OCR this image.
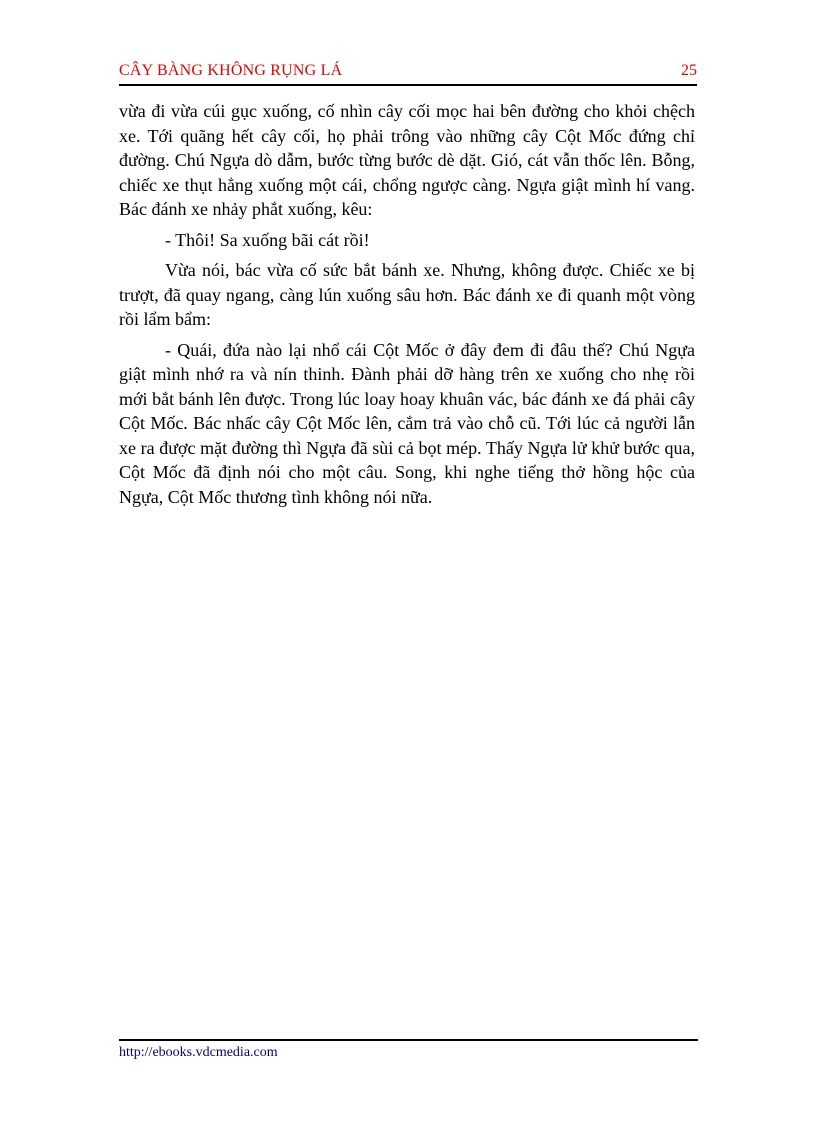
CÂY BÀNG KHÔNG RỤNG LÁ	25

vừa đi vừa cúi gục xuống, cố nhìn cây cối mọc hai bên đường cho khỏi chệch xe. Tới quãng hết cây cối, họ phải trông vào những cây Cột Mốc đứng chỉ đường. Chú Ngựa dò dẫm, bước từng bước dè dặt. Gió, cát vẫn thốc lên. Bỗng, chiếc xe thụt hẳng xuống một cái, chổng ngược càng. Ngựa giật mình hí vang. Bác đánh xe nhảy phắt xuống, kêu:

- Thôi! Sa xuống bãi cát rồi!

Vừa nói, bác vừa cố sức bắt bánh xe. Nhưng, không được. Chiếc xe bị trượt, đã quay ngang, càng lún xuống sâu hơn. Bác đánh xe đi quanh một vòng rồi lẩm bẩm:

- Quái, đứa nào lại nhổ cái Cột Mốc ở đây đem đi đâu thế? Chú Ngựa giật mình nhớ ra và nín thinh. Đành phải dỡ hàng trên xe xuống cho nhẹ rồi mới bắt bánh lên được. Trong lúc loay hoay khuân vác, bác đánh xe đá phải cây Cột Mốc. Bác nhấc cây Cột Mốc lên, cắm trả vào chỗ cũ. Tới lúc cả người lẫn xe ra được mặt đường thì Ngựa đã sùi cả bọt mép. Thấy Ngựa lử khử bước qua, Cột Mốc đã định nói cho một câu. Song, khi nghe tiếng thở hồng hộc của Ngựa, Cột Mốc thương tình không nói nữa.

http://ebooks.vdcmedia.com
